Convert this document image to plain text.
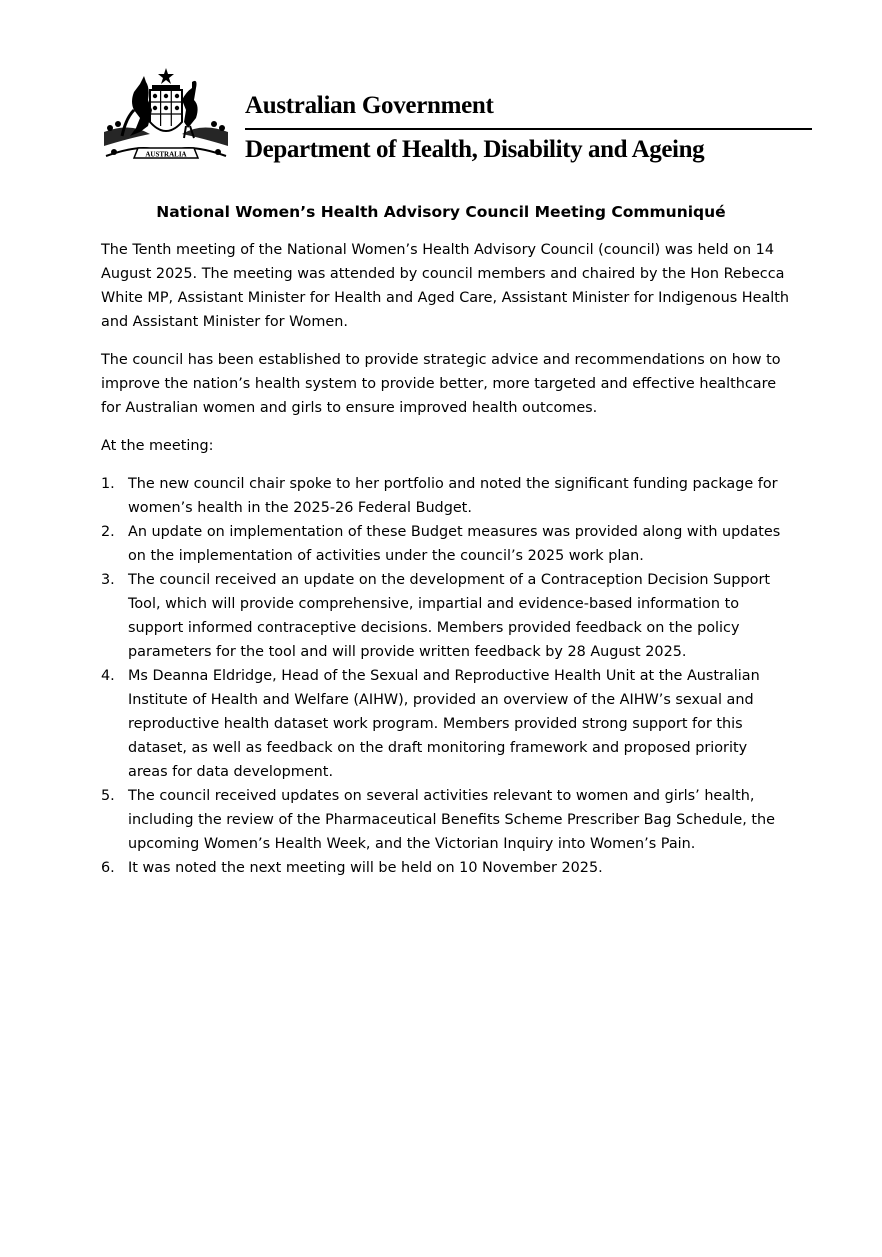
AUSTRALIA
Australian Government
Department of Health, Disability and Ageing
National Women’s Health Advisory Council Meeting Communiqué

The Tenth meeting of the National Women’s Health Advisory Council (council) was held on 14 August 2025. The meeting was attended by council members and chaired by the Hon Rebecca White MP, Assistant Minister for Health and Aged Care, Assistant Minister for Indigenous Health and Assistant Minister for Women.

The council has been established to provide strategic advice and recommendations on how to improve the nation’s health system to provide better, more targeted and effective healthcare for Australian women and girls to ensure improved health outcomes.

At the meeting:

1. The new council chair spoke to her portfolio and noted the significant funding package for women’s health in the 2025-26 Federal Budget.
2. An update on implementation of these Budget measures was provided along with updates on the implementation of activities under the council’s 2025 work plan.
3. The council received an update on the development of a Contraception Decision Support Tool, which will provide comprehensive, impartial and evidence-based information to support informed contraceptive decisions. Members provided feedback on the policy parameters for the tool and will provide written feedback by 28 August 2025.
4. Ms Deanna Eldridge, Head of the Sexual and Reproductive Health Unit at the Australian Institute of Health and Welfare (AIHW), provided an overview of the AIHW’s sexual and reproductive health dataset work program. Members provided strong support for this dataset, as well as feedback on the draft monitoring framework and proposed priority areas for data development.
5. The council received updates on several activities relevant to women and girls’ health, including the review of the Pharmaceutical Benefits Scheme Prescriber Bag Schedule, the upcoming Women’s Health Week, and the Victorian Inquiry into Women’s Pain.
6. It was noted the next meeting will be held on 10 November 2025.
